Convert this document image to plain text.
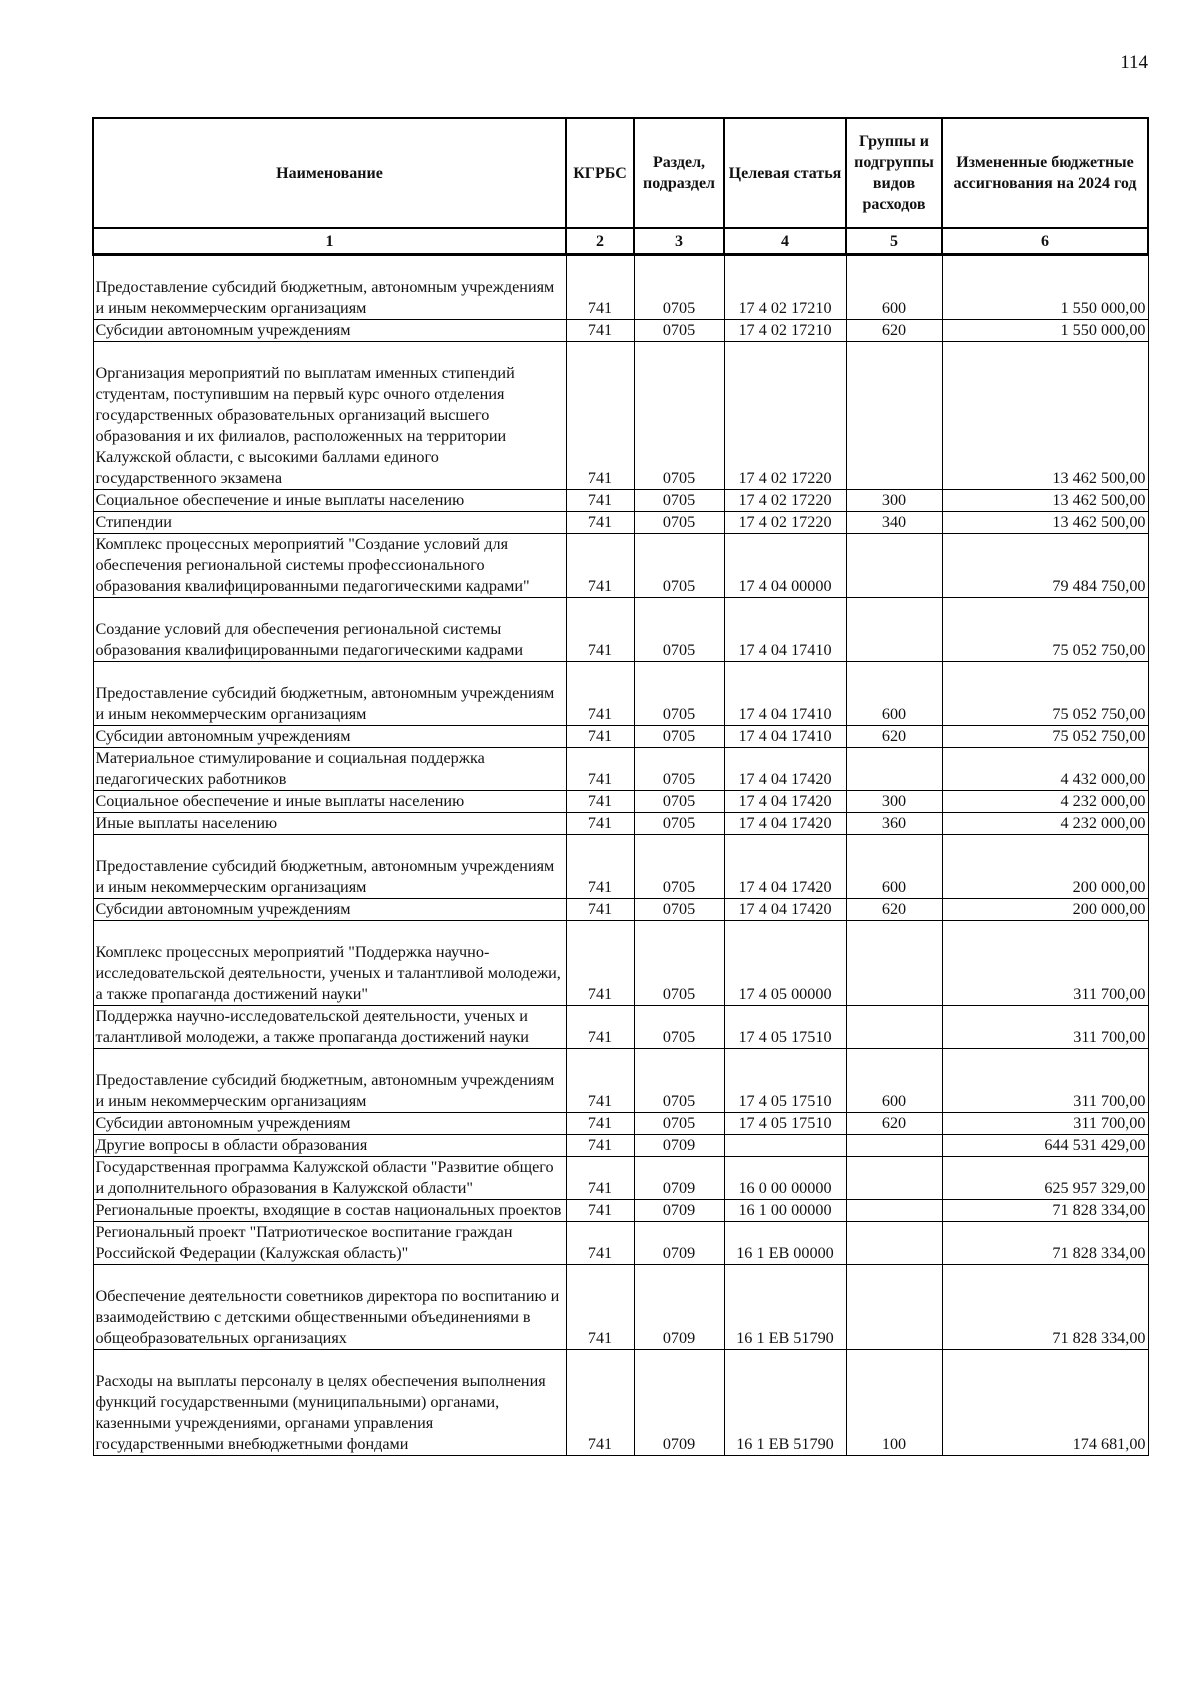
114
Наименование	КГРБС	Раздел, подраздел	Целевая статья	Группы и подгруппы видов расходов	Измененные бюджетные ассигнования на 2024 год
1	2	3	4	5	6

Предоставление субсидий бюджетным, автономным учреждениям и иным некоммерческим организациям	741	0705	17 4 02 17210	600	1 550 000,00
Субсидии автономным учреждениям	741	0705	17 4 02 17210	620	1 550 000,00

Организация мероприятий по выплатам именных стипендий студентам, поступившим на первый курс очного отделения государственных образовательных организаций высшего образования и их филиалов, расположенных на территории Калужской области, с высокими баллами единого государственного экзамена	741	0705	17 4 02 17220		13 462 500,00
Социальное обеспечение и иные выплаты населению	741	0705	17 4 02 17220	300	13 462 500,00
Стипендии	741	0705	17 4 02 17220	340	13 462 500,00
Комплекс процессных мероприятий "Создание условий для обеспечения региональной системы профессионального образования квалифицированными педагогическими кадрами"	741	0705	17 4 04 00000		79 484 750,00

Создание условий для обеспечения региональной системы образования квалифицированными педагогическими кадрами	741	0705	17 4 04 17410		75 052 750,00

Предоставление субсидий бюджетным, автономным учреждениям и иным некоммерческим организациям	741	0705	17 4 04 17410	600	75 052 750,00
Субсидии автономным учреждениям	741	0705	17 4 04 17410	620	75 052 750,00
Материальное стимулирование и социальная поддержка педагогических работников	741	0705	17 4 04 17420		4 432 000,00
Социальное обеспечение и иные выплаты населению	741	0705	17 4 04 17420	300	4 232 000,00
Иные выплаты населению	741	0705	17 4 04 17420	360	4 232 000,00

Предоставление субсидий бюджетным, автономным учреждениям и иным некоммерческим организациям	741	0705	17 4 04 17420	600	200 000,00
Субсидии автономным учреждениям	741	0705	17 4 04 17420	620	200 000,00

Комплекс процессных мероприятий "Поддержка научно-исследовательской деятельности, ученых и талантливой молодежи, а также пропаганда достижений науки"	741	0705	17 4 05 00000		311 700,00
Поддержка научно-исследовательской деятельности, ученых и талантливой молодежи, а также пропаганда достижений науки	741	0705	17 4 05 17510		311 700,00

Предоставление субсидий бюджетным, автономным учреждениям и иным некоммерческим организациям	741	0705	17 4 05 17510	600	311 700,00
Субсидии автономным учреждениям	741	0705	17 4 05 17510	620	311 700,00
Другие вопросы в области образования	741	0709			644 531 429,00
Государственная программа Калужской области "Развитие общего и дополнительного образования в Калужской области"	741	0709	16 0 00 00000		625 957 329,00
Региональные проекты, входящие в состав национальных проектов	741	0709	16 1 00 00000		71 828 334,00
Региональный проект "Патриотическое воспитание граждан Российской Федерации (Калужская область)"	741	0709	16 1 EB 00000		71 828 334,00

Обеспечение деятельности советников директора по воспитанию и взаимодействию с детскими общественными объединениями в общеобразовательных организациях	741	0709	16 1 EB 51790		71 828 334,00

Расходы на выплаты персоналу в целях обеспечения выполнения функций государственными (муниципальными) органами, казенными учреждениями, органами управления государственными внебюджетными фондами	741	0709	16 1 EB 51790	100	174 681,00
